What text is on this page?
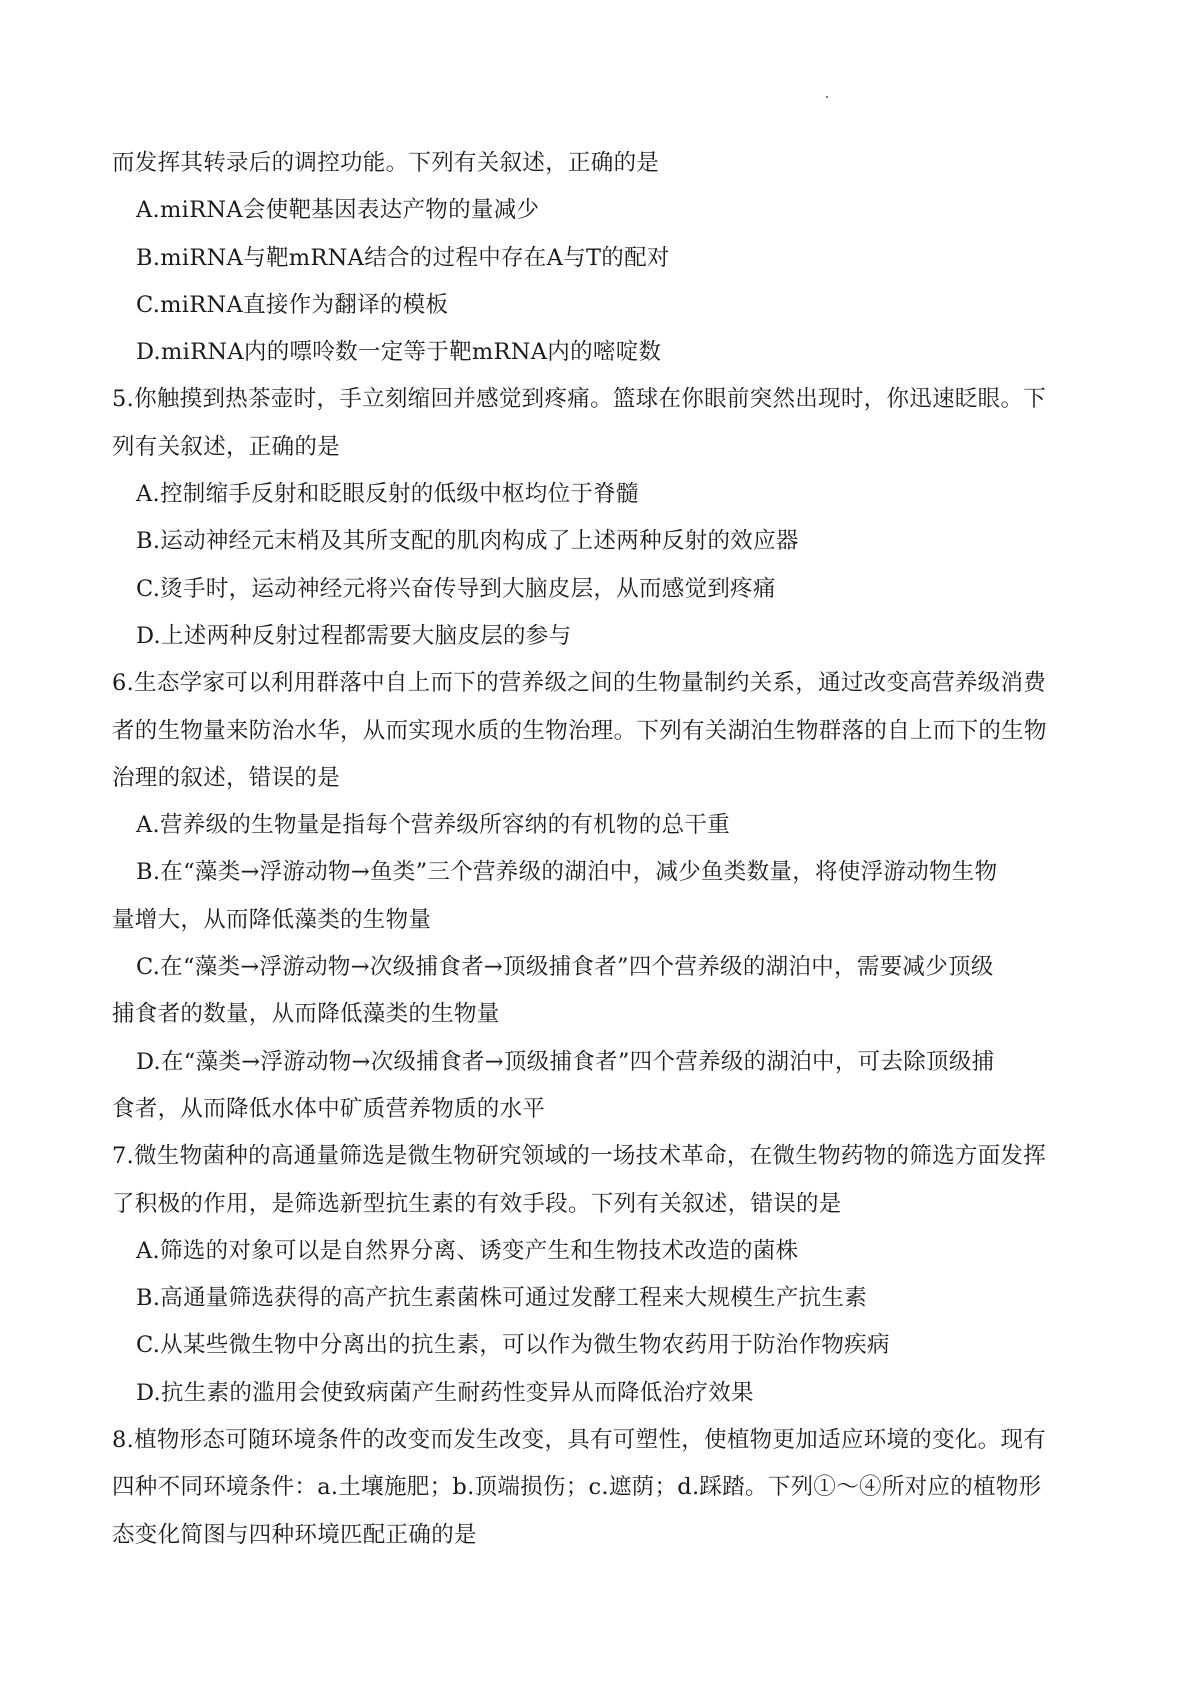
而发挥其转录后的调控功能。下列有关叙述，正确的是
A.miRNA会使靶基因表达产物的量减少
B.miRNA与靶mRNA结合的过程中存在A与T的配对
C.miRNA直接作为翻译的模板
D.miRNA内的嘌呤数一定等于靶mRNA内的嘧啶数
5.你触摸到热茶壶时，手立刻缩回并感觉到疼痛。篮球在你眼前突然出现时，你迅速眨眼。下
列有关叙述，正确的是
A.控制缩手反射和眨眼反射的低级中枢均位于脊髓
B.运动神经元末梢及其所支配的肌肉构成了上述两种反射的效应器
C.烫手时，运动神经元将兴奋传导到大脑皮层，从而感觉到疼痛
D.上述两种反射过程都需要大脑皮层的参与
6.生态学家可以利用群落中自上而下的营养级之间的生物量制约关系，通过改变高营养级消费
者的生物量来防治水华，从而实现水质的生物治理。下列有关湖泊生物群落的自上而下的生物
治理的叙述，错误的是
A.营养级的生物量是指每个营养级所容纳的有机物的总干重
B.在“藻类→浮游动物→鱼类”三个营养级的湖泊中，减少鱼类数量，将使浮游动物生物
量增大，从而降低藻类的生物量
C.在“藻类→浮游动物→次级捕食者→顶级捕食者”四个营养级的湖泊中，需要减少顶级
捕食者的数量，从而降低藻类的生物量
D.在“藻类→浮游动物→次级捕食者→顶级捕食者”四个营养级的湖泊中，可去除顶级捕
食者，从而降低水体中矿质营养物质的水平
7.微生物菌种的高通量筛选是微生物研究领域的一场技术革命，在微生物药物的筛选方面发挥
了积极的作用，是筛选新型抗生素的有效手段。下列有关叙述，错误的是
A.筛选的对象可以是自然界分离、诱变产生和生物技术改造的菌株
B.高通量筛选获得的高产抗生素菌株可通过发酵工程来大规模生产抗生素
C.从某些微生物中分离出的抗生素，可以作为微生物农药用于防治作物疾病
D.抗生素的滥用会使致病菌产生耐药性变异从而降低治疗效果
8.植物形态可随环境条件的改变而发生改变，具有可塑性，使植物更加适应环境的变化。现有
四种不同环境条件：a.土壤施肥；b.顶端损伤；c.遮荫；d.踩踏。下列①～④所对应的植物形
态变化简图与四种环境匹配正确的是
